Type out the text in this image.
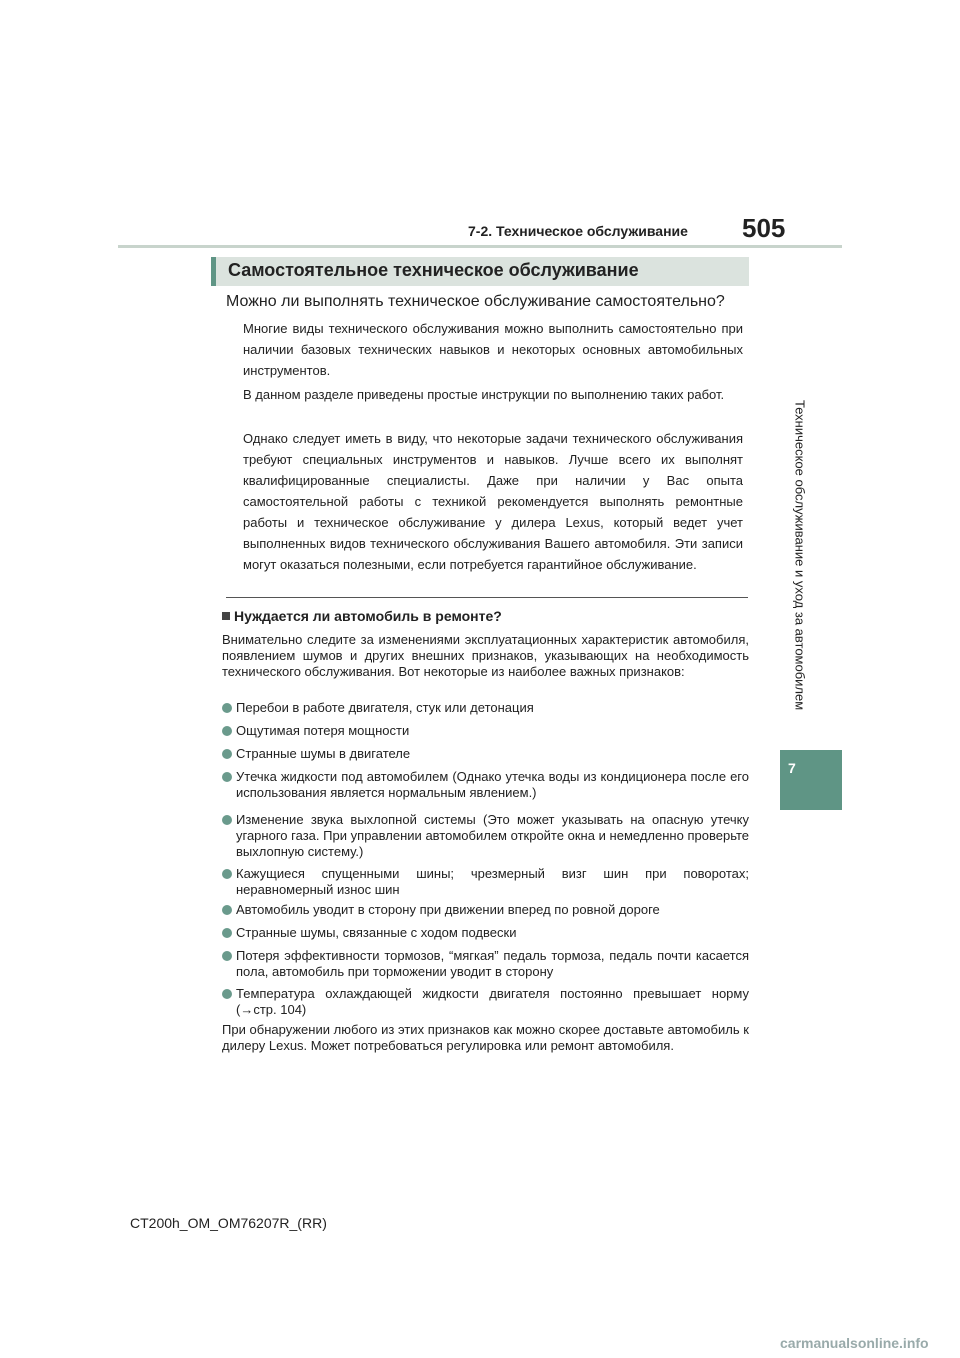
7-2. Техническое обслуживание 505
Техническое обслуживание и уход за автомобилем
7
Самостоятельное техническое обслуживание
Можно ли выполнять техническое обслуживание самостоятельно?
Многие виды технического обслуживания можно выполнить самостоятельно при наличии базовых технических навыков и некоторых основных автомобильных инструментов.
В данном разделе приведены простые инструкции по выполнению таких работ.
Однако следует иметь в виду, что некоторые задачи технического обслуживания требуют специальных инструментов и навыков. Лучше всего их выполнят квалифицированные специалисты. Даже при наличии у Вас опыта самостоятельной работы с техникой рекомендуется выполнять ремонтные работы и техническое обслуживание у дилера Lexus, который ведет учет выполненных видов технического обслуживания Вашего автомобиля. Эти записи могут оказаться полезными, если потребуется гарантийное обслуживание.
Нуждается ли автомобиль в ремонте?
Внимательно следите за изменениями эксплуатационных характеристик автомобиля, появлением шумов и других внешних признаков, указывающих на необходимость технического обслуживания. Вот некоторые из наиболее важных признаков:
Перебои в работе двигателя, стук или детонация
Ощутимая потеря мощности
Странные шумы в двигателе
Утечка жидкости под автомобилем (Однако утечка воды из кондиционера после его использования является нормальным явлением.)
Изменение звука выхлопной системы (Это может указывать на опасную утечку угарного газа. При управлении автомобилем откройте окна и немедленно проверьте выхлопную систему.)
Кажущиеся спущенными шины; чрезмерный визг шин при поворотах; неравномерный износ шин
Автомобиль уводит в сторону при движении вперед по ровной дороге
Странные шумы, связанные с ходом подвески
Потеря эффективности тормозов, “мягкая” педаль тормоза, педаль почти касается пола, автомобиль при торможении уводит в сторону
Температура охлаждающей жидкости двигателя постоянно превышает норму (→стр. 104)
При обнаружении любого из этих признаков как можно скорее доставьте автомобиль к дилеру Lexus. Может потребоваться регулировка или ремонт автомобиля.
CT200h_OM_OM76207R_(RR)
carmanualsonline.info
